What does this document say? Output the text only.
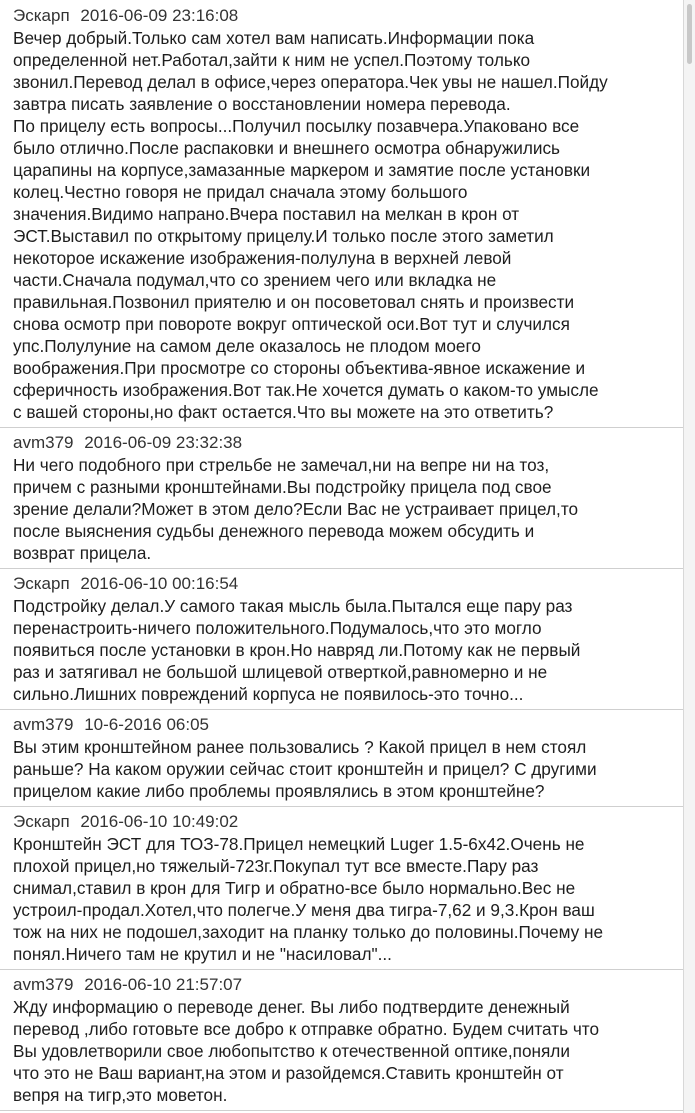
Эскарп 2016-06-09 23:16:08
Вечер добрый.Только сам хотел вам написать.Информации пока
определенной нет.Работал,зайти к ним не успел.Поэтому только
звонил.Перевод делал в офисе,через оператора.Чек увы не нашел.Пойду
завтра писать заявление о восстановлении номера перевода.
По прицелу есть вопросы...Получил посылку позавчера.Упаковано все
было отлично.После распаковки и внешнего осмотра обнаружились
царапины на корпусе,замазанные маркером и замятие после установки
колец.Честно говоря не придал сначала этому большого
значения.Видимо напрано.Вчера поставил на мелкан в крон от
ЭСТ.Выставил по открытому прицелу.И только после этого заметил
некоторое искажение изображения-полулуна в верхней левой
части.Сначала подумал,что со зрением чего или вкладка не
правильная.Позвонил приятелю и он посоветовал снять и произвести
снова осмотр при повороте вокруг оптической оси.Вот тут и случился
упс.Полулуние на самом деле оказалось не плодом моего
воображения.При просмотре со стороны объектива-явное искажение и
сферичность изображения.Вот так.Не хочется думать о каком-то умысле
с вашей стороны,но факт остается.Что вы можете на это ответить?
avm379 2016-06-09 23:32:38
Ни чего подобного при стрельбе не замечал,ни на вепре ни на тоз,
причем с разными кронштейнами.Вы подстройку прицела под свое
зрение делали?Может в этом дело?Если Вас не устраивает прицел,то
после выяснения судьбы денежного перевода можем обсудить и
возврат прицела.
Эскарп 2016-06-10 00:16:54
Подстройку делал.У самого такая мысль была.Пытался еще пару раз
перенастроить-ничего положительного.Подумалось,что это могло
появиться после установки в крон.Но навряд ли.Потому как не первый
раз и затягивал не большой шлицевой отверткой,равномерно и не
сильно.Лишних повреждений корпуса не появилось-это точно...
avm379 10-6-2016 06:05
Вы этим кронштейном ранее пользовались ? Какой прицел в нем стоял
раньше? На каком оружии сейчас стоит кронштейн и прицел? С другими
прицелом какие либо проблемы проявлялись в этом кронштейне?
Эскарп 2016-06-10 10:49:02
Кронштейн ЭСТ для ТОЗ-78.Прицел немецкий Luger 1.5-6х42.Очень не
плохой прицел,но тяжелый-723г.Покупал тут все вместе.Пару раз
снимал,ставил в крон для Тигр и обратно-все было нормально.Вес не
устроил-продал.Хотел,что полегче.У меня два тигра-7,62 и 9,3.Крон ваш
тож на них не подошел,заходит на планку только до половины.Почему не
понял.Ничего там не крутил и не "насиловал"...
avm379 2016-06-10 21:57:07
Жду информацию о переводе денег. Вы либо подтвердите денежный
перевод ,либо готовьте все добро к отправке обратно. Будем считать что
Вы удовлетворили свое любопытство к отечественной оптике,поняли
что это не Ваш вариант,на этом и разойдемся.Ставить кронштейн от
вепря на тигр,это моветон.
